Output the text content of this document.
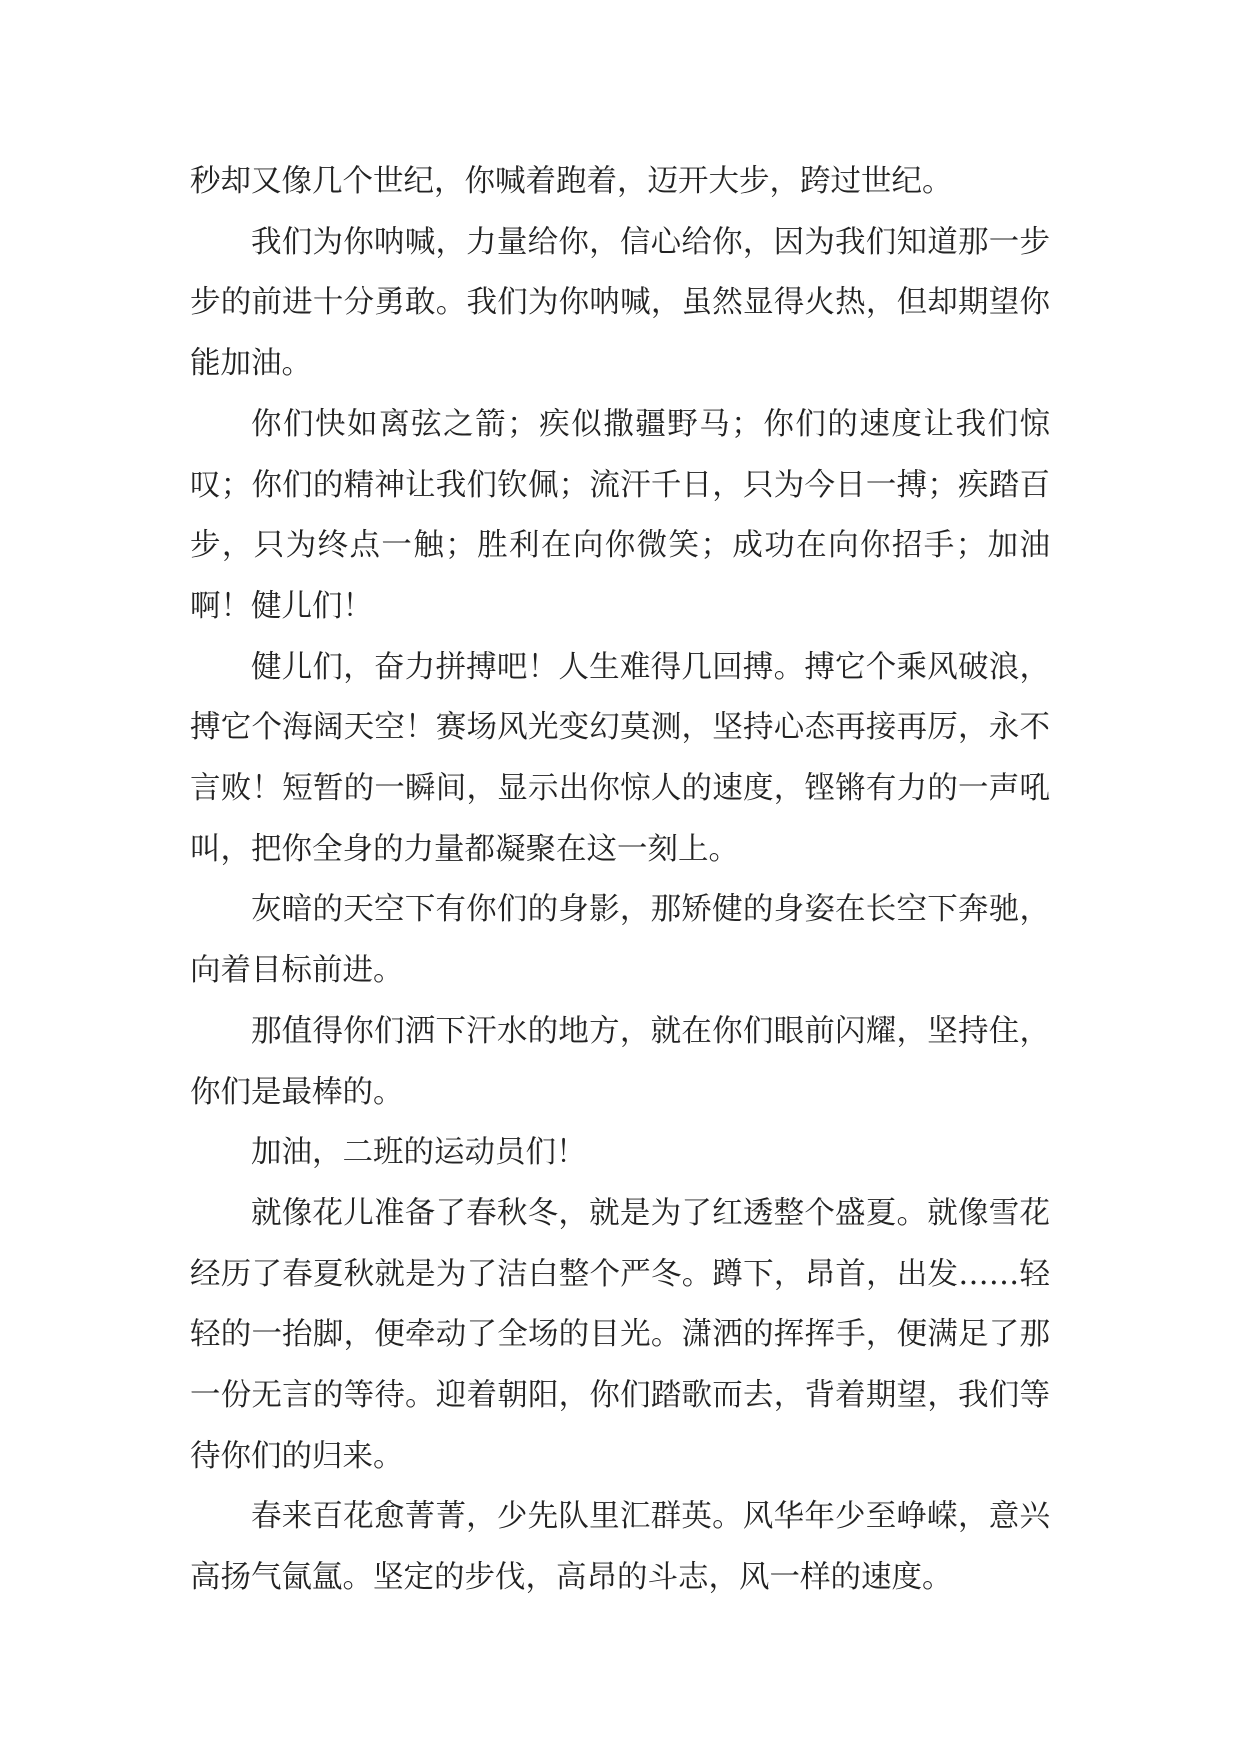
秒却又像几个世纪，你喊着跑着，迈开大步，跨过世纪。

我们为你呐喊，力量给你，信心给你，因为我们知道那一步步的前进十分勇敢。我们为你呐喊，虽然显得火热，但却期望你能加油。

你们快如离弦之箭；疾似撒疆野马；你们的速度让我们惊叹；你们的精神让我们钦佩；流汗千日，只为今日一搏；疾踏百步，只为终点一触；胜利在向你微笑；成功在向你招手；加油啊！健儿们！

健儿们，奋力拼搏吧！人生难得几回搏。搏它个乘风破浪，搏它个海阔天空！赛场风光变幻莫测，坚持心态再接再厉，永不言败！短暂的一瞬间，显示出你惊人的速度，铿锵有力的一声吼叫，把你全身的力量都凝聚在这一刻上。

灰暗的天空下有你们的身影，那矫健的身姿在长空下奔驰，向着目标前进。

那值得你们洒下汗水的地方，就在你们眼前闪耀，坚持住，你们是最棒的。

加油，二班的运动员们！

就像花儿准备了春秋冬，就是为了红透整个盛夏。就像雪花经历了春夏秋就是为了洁白整个严冬。蹲下，昂首，出发……轻轻的一抬脚，便牵动了全场的目光。潇洒的挥挥手，便满足了那一份无言的等待。迎着朝阳，你们踏歌而去，背着期望，我们等待你们的归来。

春来百花愈菁菁，少先队里汇群英。风华年少至峥嵘，意兴高扬气氤氲。坚定的步伐，高昂的斗志，风一样的速度。
